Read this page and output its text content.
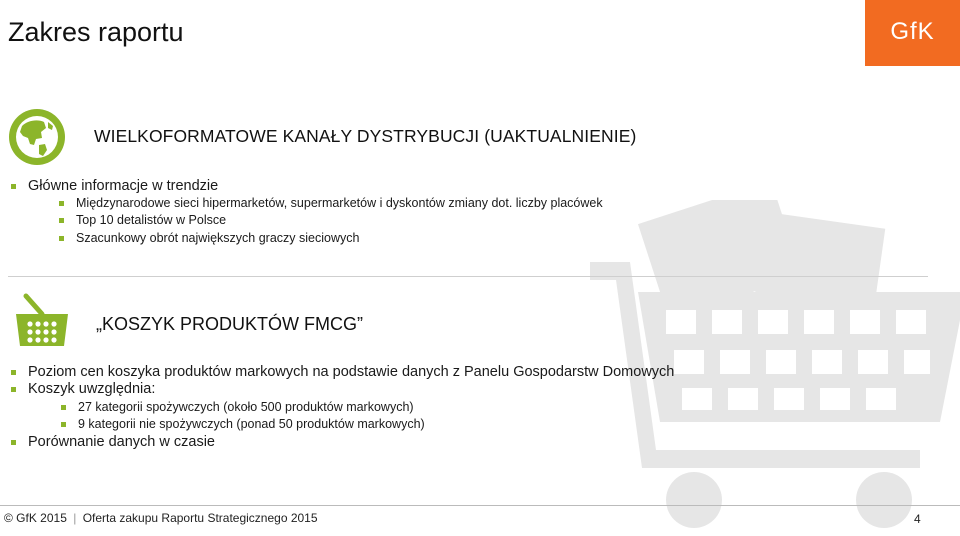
Zakres raportu	GfK
WIELKOFORMATOWE KANAŁY DYSTRYBUCJI (UAKTUALNIENIE)
Główne informacje w trendzie
Międzynarodowe sieci hipermarketów, supermarketów i dyskontów zmiany dot. liczby placówek
Top 10 detalistów w Polsce
Szacunkowy obrót największych graczy sieciowych
„KOSZYK PRODUKTÓW FMCG”
Poziom cen koszyka produktów markowych na podstawie danych z Panelu Gospodarstw Domowych
Koszyk uwzględnia:
27 kategorii spożywczych (około 500 produktów markowych)
9 kategorii nie spożywczych (ponad 50 produktów markowych)
Porównanie danych w czasie
© GfK 2015 | Oferta zakupu Raportu Strategicznego 2015	4
